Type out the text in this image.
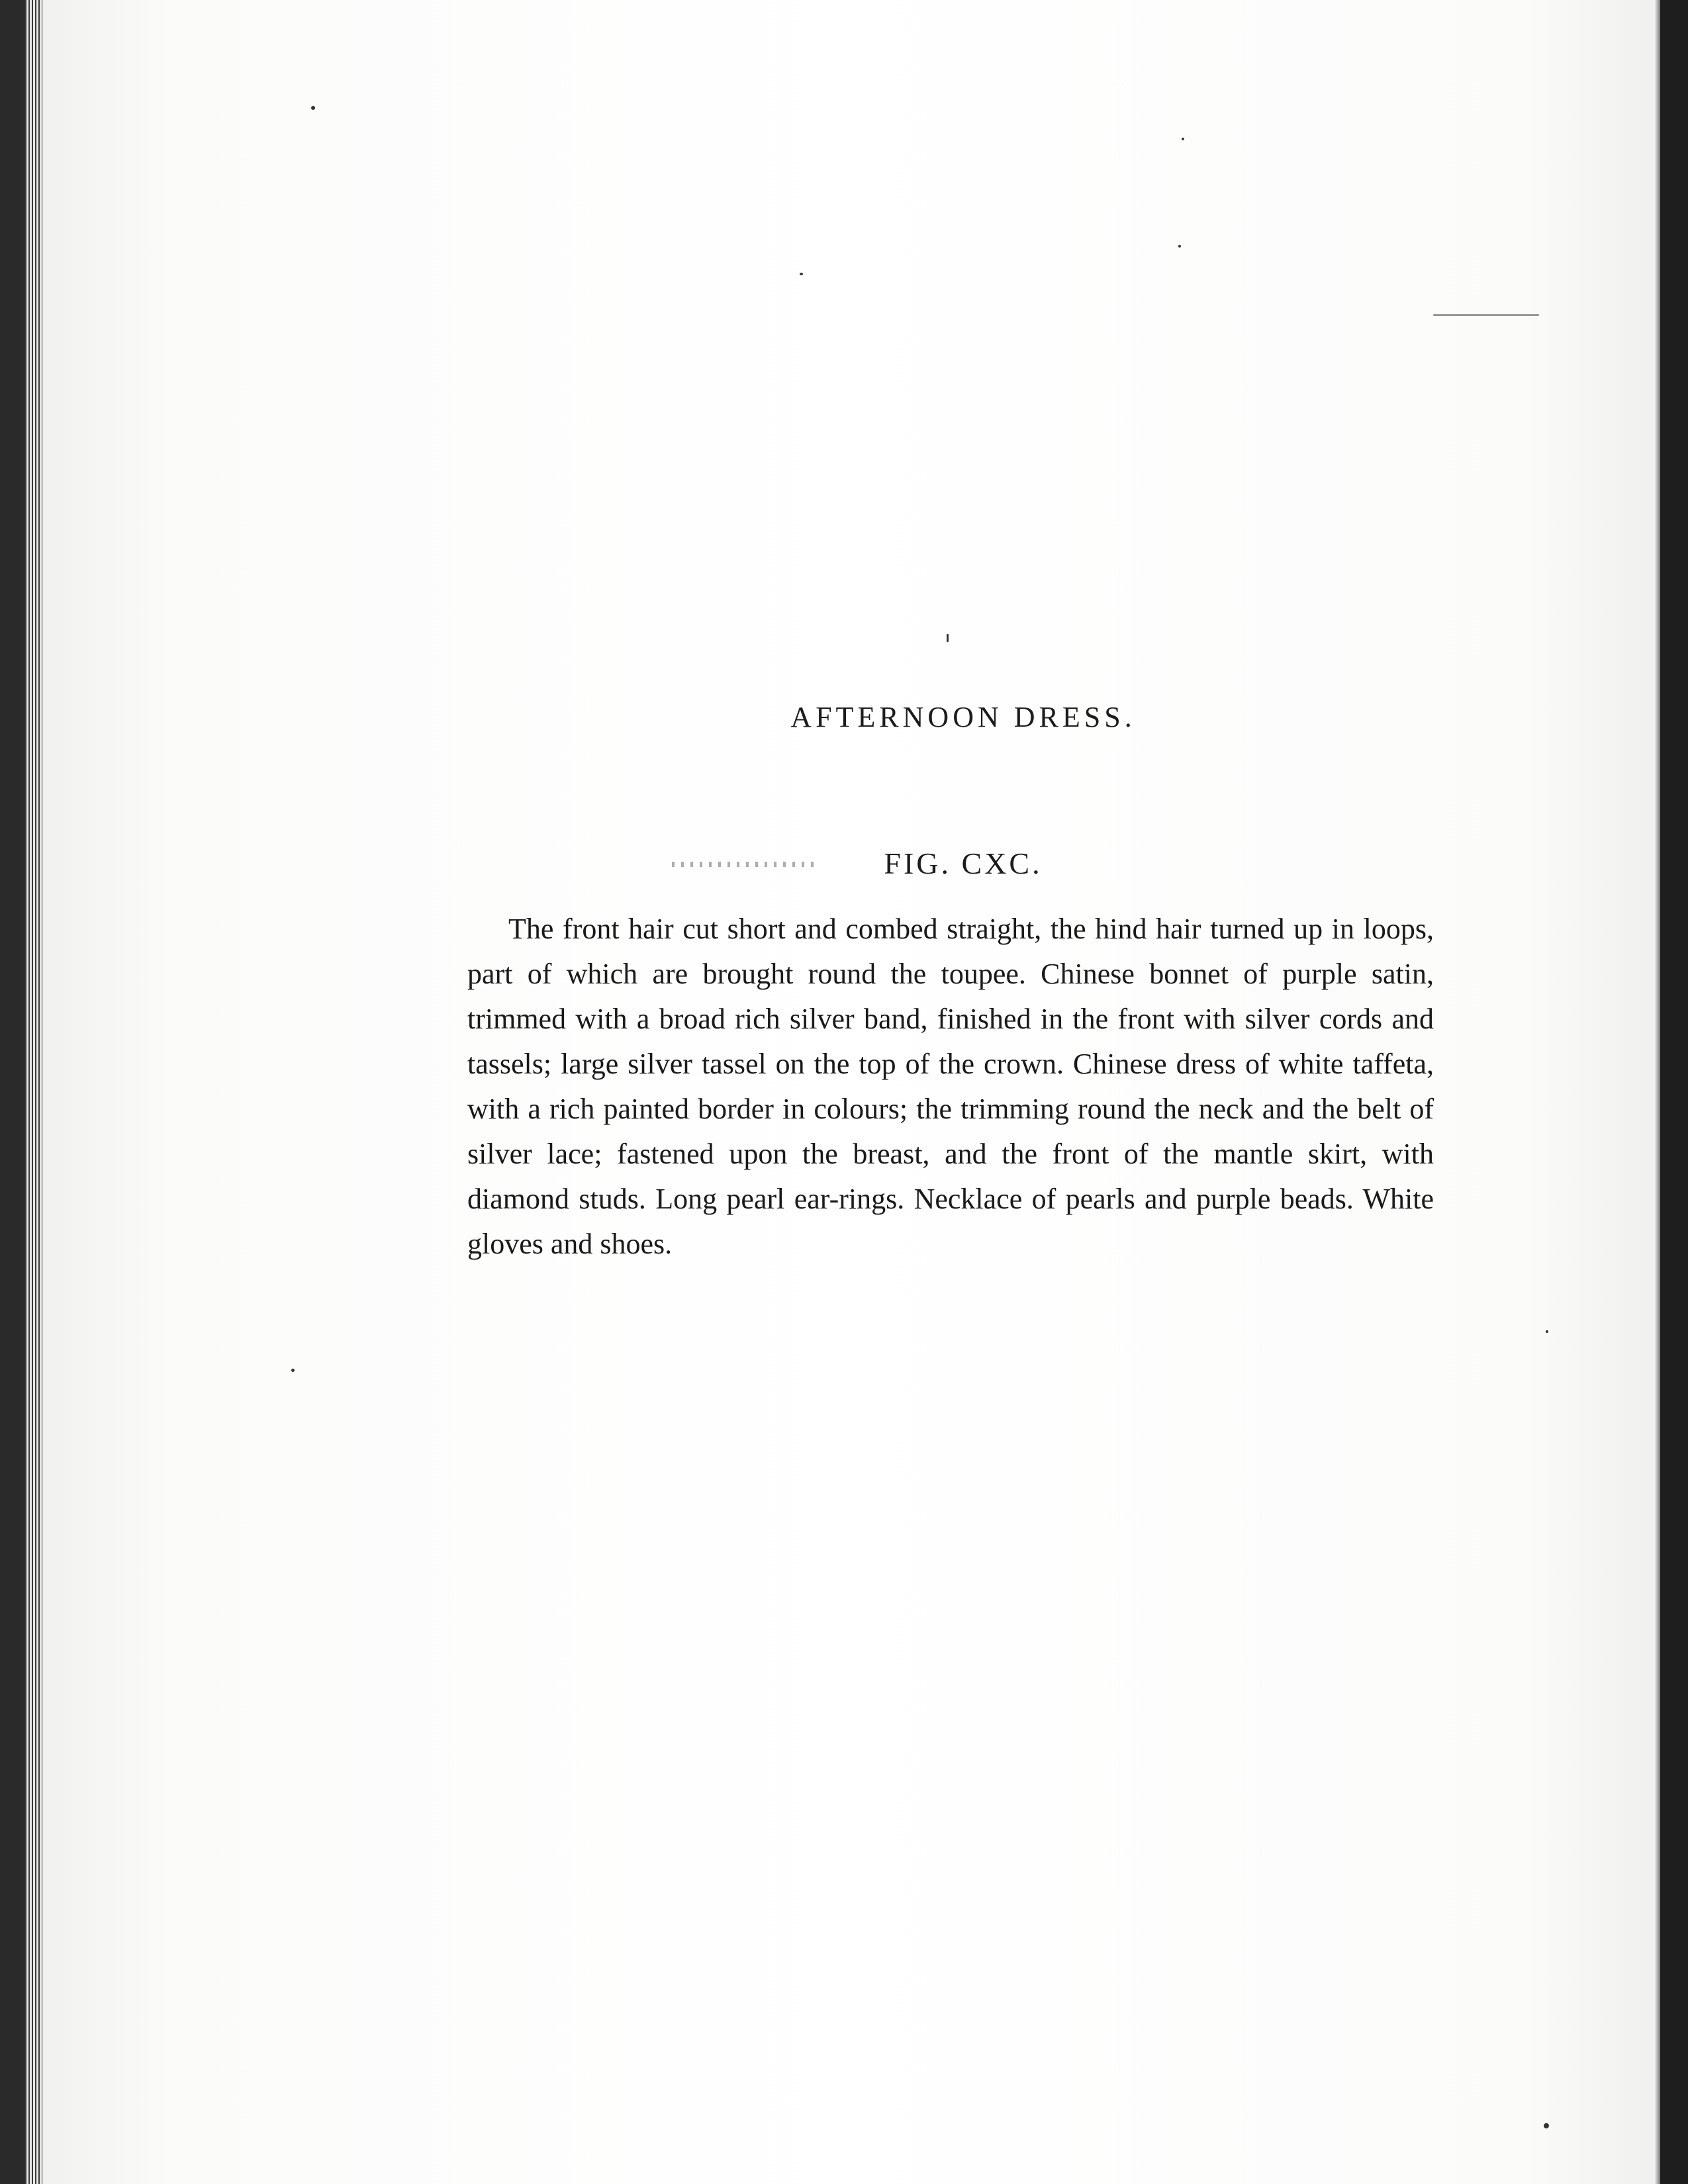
AFTERNOON DRESS.
FIG. CXC.

The front hair cut short and combed straight, the hind hair turned up in loops, part of which are brought round the toupee. Chinese bonnet of purple satin, trimmed with a broad rich silver band, finished in the front with silver cords and tassels; large silver tassel on the top of the crown. Chinese dress of white taffeta, with a rich painted border in colours; the trimming round the neck and the belt of silver lace; fastened upon the breast, and the front of the mantle skirt, with diamond studs. Long pearl ear-rings. Necklace of pearls and purple beads. White gloves and shoes.
